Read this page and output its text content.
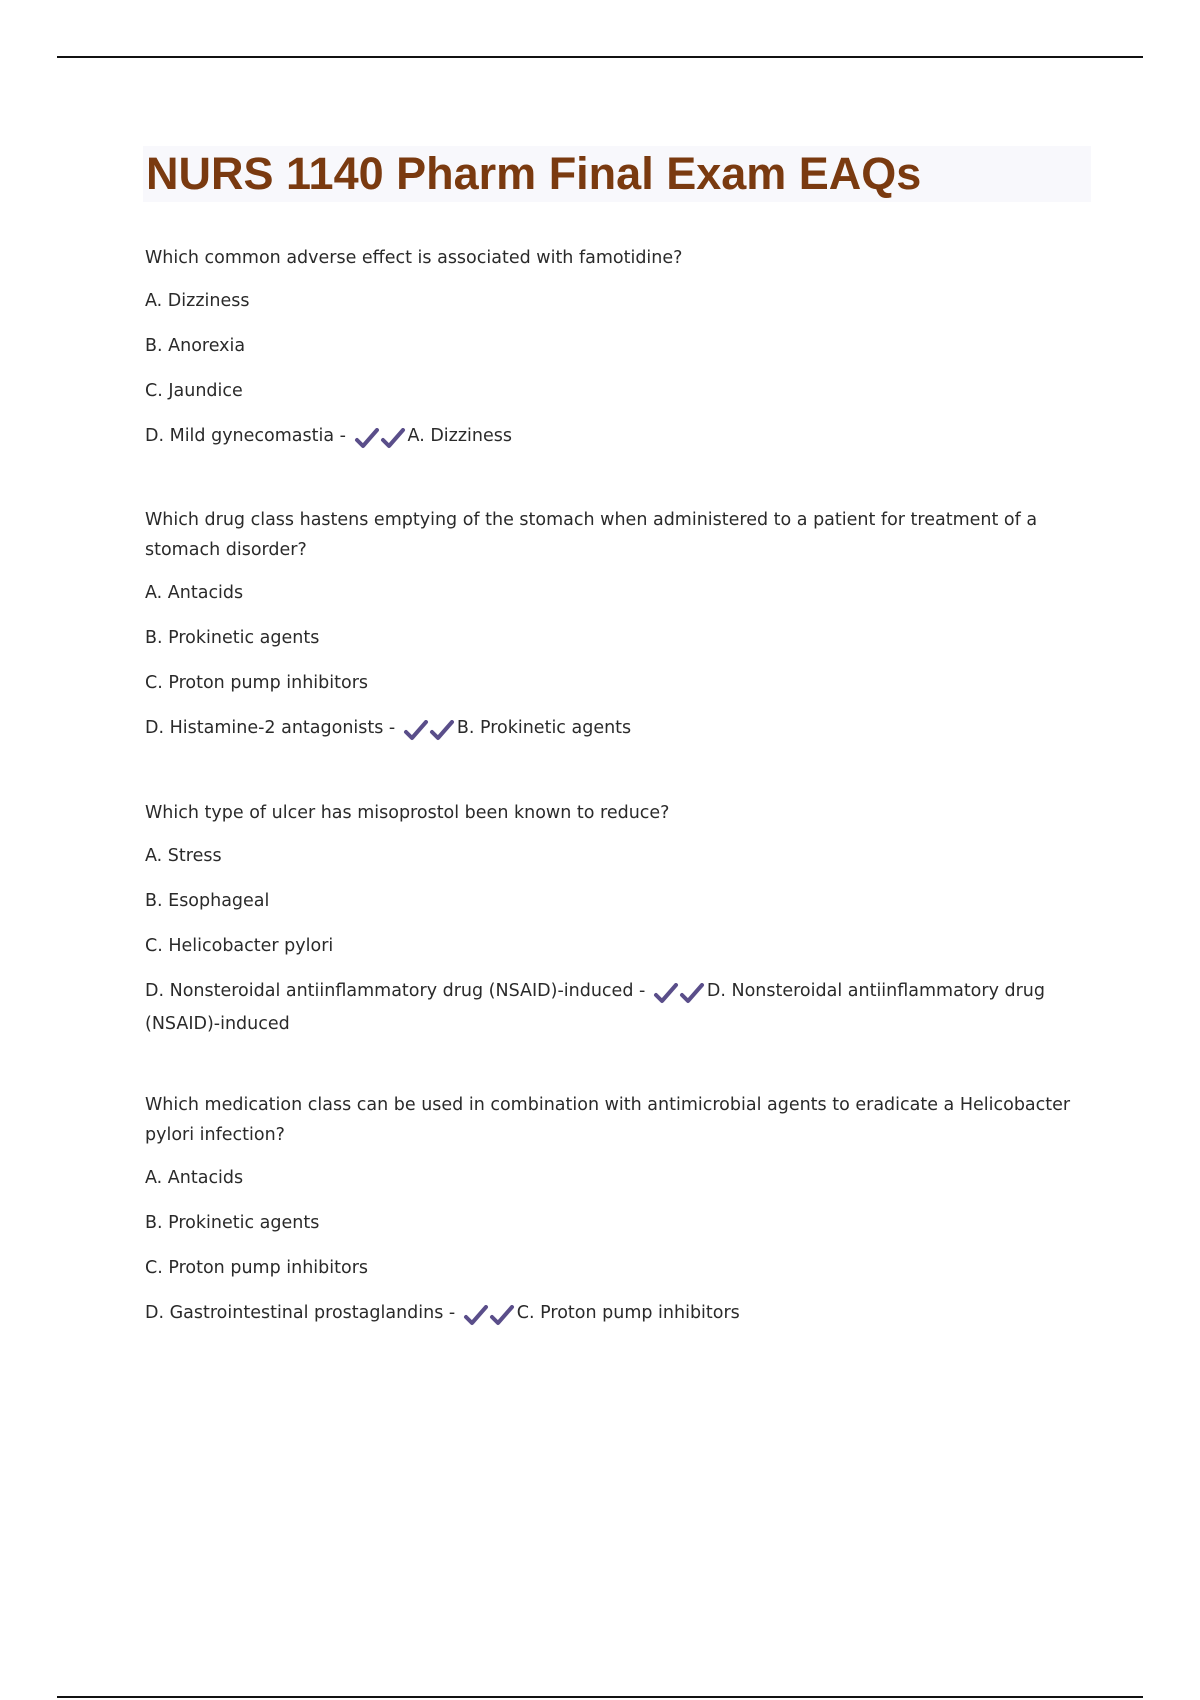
NURS 1140 Pharm Final Exam EAQs
Which common adverse effect is associated with famotidine?
A. Dizziness
B. Anorexia
C. Jaundice
D. Mild gynecomastia -	A. Dizziness
Which drug class hastens emptying of the stomach when administered to a patient for treatment of a stomach disorder?
A. Antacids
B. Prokinetic agents
C. Proton pump inhibitors
D. Histamine-2 antagonists -	B. Prokinetic agents
Which type of ulcer has misoprostol been known to reduce?
A. Stress
B. Esophageal
C. Helicobacter pylori
D. Nonsteroidal antiinflammatory drug (NSAID)-induced -	D. Nonsteroidal antiinflammatory drug (NSAID)-induced
Which medication class can be used in combination with antimicrobial agents to eradicate a Helicobacter pylori infection?
A. Antacids
B. Prokinetic agents
C. Proton pump inhibitors
D. Gastrointestinal prostaglandins -	C. Proton pump inhibitors
